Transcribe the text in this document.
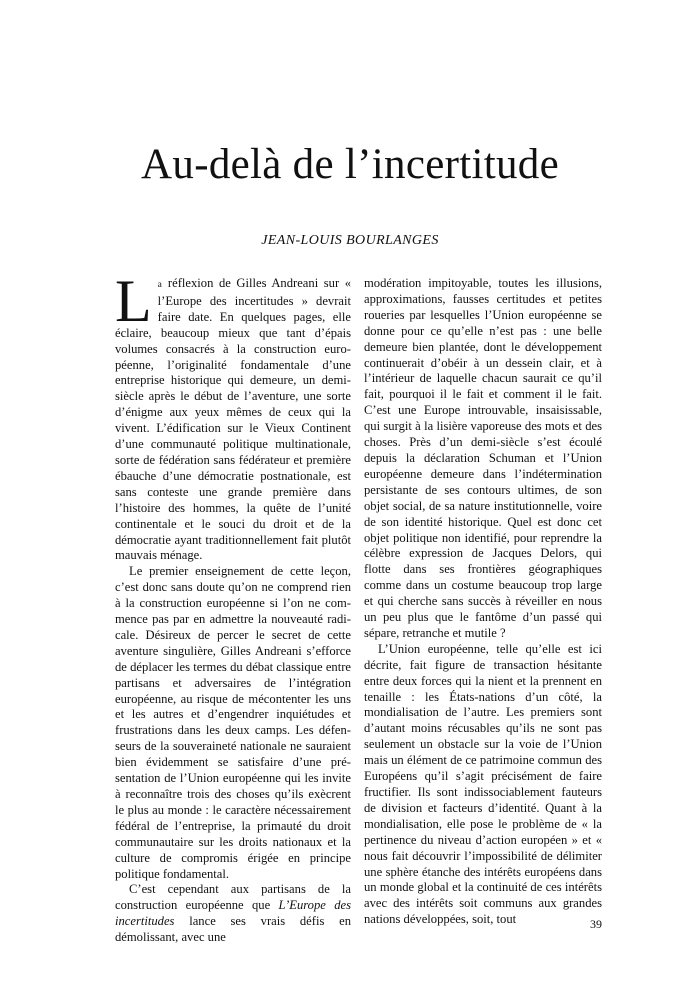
Au-delà de l’incertitude
JEAN-LOUIS BOURLANGES

La réflexion de Gilles Andreani sur « l’Europe des incertitudes » devrait faire date. En quelques pages, elle éclaire, beaucoup mieux que tant d’épais volumes consacrés à la construction européenne, l’originalité fondamentale d’une entreprise historique qui demeure, un demi-siècle après le début de l’aventure, une sorte d’énigme aux yeux mêmes de ceux qui la vivent. L’édification sur le Vieux Continent d’une communauté politique multinationale, sorte de fédération sans fédérateur et première ébauche d’une démocratie postnationale, est sans conteste une grande première dans l’histoire des hommes, la quête de l’unité continentale et le souci du droit et de la démocratie ayant traditionnellement fait plutôt mauvais ménage.

Le premier enseignement de cette leçon, c’est donc sans doute qu’on ne comprend rien à la construction européenne si l’on ne commence pas par en admettre la nouveauté radicale. Désireux de percer le secret de cette aventure singulière, Gilles Andreani s’efforce de déplacer les termes du débat classique entre partisans et adversaires de l’intégration européenne, au risque de mécontenter les uns et les autres et d’engendrer inquiétudes et frustrations dans les deux camps. Les défenseurs de la souveraineté nationale ne sauraient bien évidemment se satisfaire d’une présentation de l’Union européenne qui les invite à reconnaître trois des choses qu’ils exècrent le plus au monde : le caractère nécessairement fédéral de l’entreprise, la primauté du droit communautaire sur les droits nationaux et la culture de compromis érigée en principe politique fondamental.

C’est cependant aux partisans de la construction européenne que L’Europe des incertitudes lance ses vrais défis en démolissant, avec une

modération impitoyable, toutes les illusions, approximations, fausses certitudes et petites roueries par lesquelles l’Union européenne se donne pour ce qu’elle n’est pas : une belle demeure bien plantée, dont le développement continuerait d’obéir à un dessein clair, et à l’intérieur de laquelle chacun saurait ce qu’il fait, pourquoi il le fait et comment il le fait. C’est une Europe introuvable, insaisissable, qui surgit à la lisière vaporeuse des mots et des choses. Près d’un demi-siècle s’est écoulé depuis la déclaration Schuman et l’Union européenne demeure dans l’indétermination persistante de ses contours ultimes, de son objet social, de sa nature institutionnelle, voire de son identité historique. Quel est donc cet objet politique non identifié, pour reprendre la célèbre expression de Jacques Delors, qui flotte dans ses frontières géographiques comme dans un costume beaucoup trop large et qui cherche sans succès à réveiller en nous un peu plus que le fantôme d’un passé qui sépare, retranche et mutile ?

L’Union européenne, telle qu’elle est ici décrite, fait figure de transaction hésitante entre deux forces qui la nient et la prennent en tenaille : les États-nations d’un côté, la mondialisation de l’autre. Les premiers sont d’autant moins récusables qu’ils ne sont pas seulement un obstacle sur la voie de l’Union mais un élément de ce patrimoine commun des Européens qu’il s’agit précisément de faire fructifier. Ils sont indissociablement fauteurs de division et facteurs d’identité. Quant à la mondialisation, elle pose le problème de « la pertinence du niveau d’action européen » et « nous fait découvrir l’impossibilité de délimiter une sphère étanche des intérêts européens dans un monde global et la continuité de ces intérêts avec des intérêts soit communs aux grandes nations développées, soit, tout	39
